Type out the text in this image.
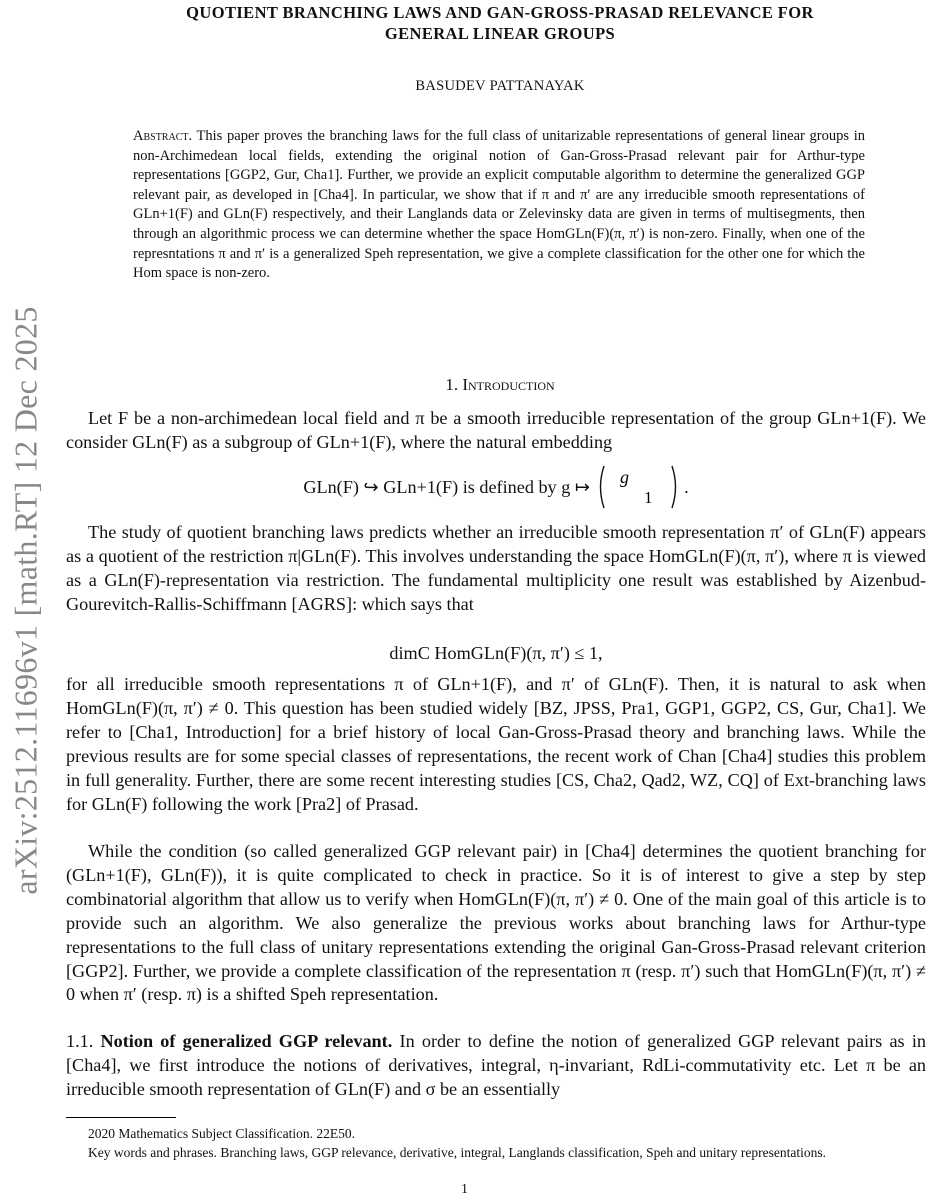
arXiv:2512.11696v1 [math.RT] 12 Dec 2025
QUOTIENT BRANCHING LAWS AND GAN-GROSS-PRASAD RELEVANCE FOR
GENERAL LINEAR GROUPS
BASUDEV PATTANAYAK
Abstract. This paper proves the branching laws for the full class of unitarizable representations of general linear groups in non-Archimedean local fields, extending the original notion of Gan-Gross-Prasad relevant pair for Arthur-type representations [GGP2, Gur, Cha1]. Further, we provide an explicit computable algorithm to determine the generalized GGP relevant pair, as developed in [Cha4]. In particular, we show that if π and π′ are any irreducible smooth representations of GLn+1(F) and GLn(F) respectively, and their Langlands data or Zelevinsky data are given in terms of multisegments, then through an algorithmic process we can determine whether the space HomGLn(F)(π, π′) is non-zero. Finally, when one of the represntations π and π′ is a generalized Speh representation, we give a complete classification for the other one for which the Hom space is non-zero.
1. Introduction

Let F be a non-archimedean local field and π be a smooth irreducible representation of the group GLn+1(F). We consider GLn(F) as a subgroup of GLn+1(F), where the natural embedding

GLn(F) ↪ GLn+1(F) is defined by g ↦ g
1
.

The study of quotient branching laws predicts whether an irreducible smooth representation π′ of GLn(F) appears as a quotient of the restriction π|GLn(F). This involves understanding the space HomGLn(F)(π, π′), where π is viewed as a GLn(F)-representation via restriction. The fundamental multiplicity one result was established by Aizenbud-Gourevitch-Rallis-Schiffmann [AGRS]: which says that

dimC HomGLn(F)(π, π′) ≤ 1,

for all irreducible smooth representations π of GLn+1(F), and π′ of GLn(F). Then, it is natural to ask when HomGLn(F)(π, π′) ≠ 0. This question has been studied widely [BZ, JPSS, Pra1, GGP1, GGP2, CS, Gur, Cha1]. We refer to [Cha1, Introduction] for a brief history of local Gan-Gross-Prasad theory and branching laws. While the previous results are for some special classes of representations, the recent work of Chan [Cha4] studies this problem in full generality. Further, there are some recent interesting studies [CS, Cha2, Qad2, WZ, CQ] of Ext-branching laws for GLn(F) following the work [Pra2] of Prasad.

While the condition (so called generalized GGP relevant pair) in [Cha4] determines the quotient branching for (GLn+1(F), GLn(F)), it is quite complicated to check in practice. So it is of interest to give a step by step combinatorial algorithm that allow us to verify when HomGLn(F)(π, π′) ≠ 0. One of the main goal of this article is to provide such an algorithm. We also generalize the previous works about branching laws for Arthur-type representations to the full class of unitary representations extending the original Gan-Gross-Prasad relevant criterion [GGP2]. Further, we provide a complete classification of the representation π (resp. π′) such that HomGLn(F)(π, π′) ≠ 0 when π′ (resp. π) is a shifted Speh representation.

1.1. Notion of generalized GGP relevant. In order to define the notion of generalized GGP relevant pairs as in [Cha4], we first introduce the notions of derivatives, integral, η-invariant, RdLi-commutativity etc. Let π be an irreducible smooth representation of GLn(F) and σ be an essentially

2020 Mathematics Subject Classification. 22E50.

Key words and phrases. Branching laws, GGP relevance, derivative, integral, Langlands classification, Speh and unitary representations.

1
